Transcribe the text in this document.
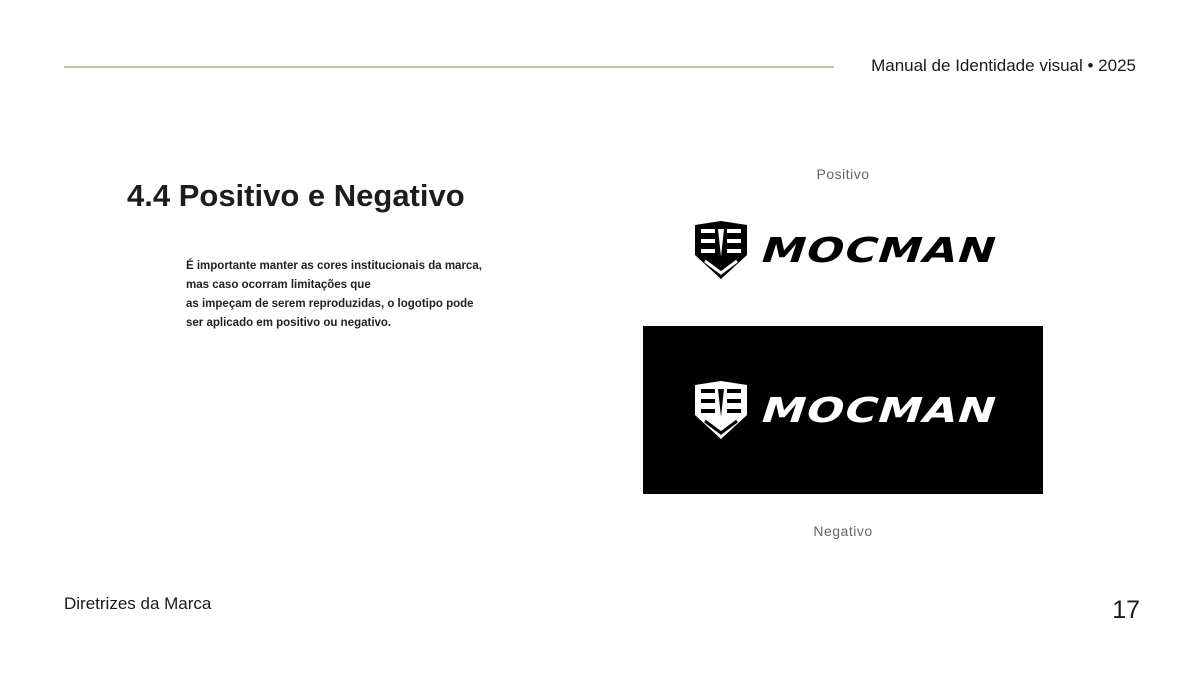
Manual de Identidade visual • 2025
4.4 Positivo e Negativo
É importante manter as cores institucionais da marca,
mas caso ocorram limitações que
as impeçam de serem reproduzidas, o logotipo pode
ser aplicado em positivo ou negativo.
Positivo
MOCMAN
MOCMAN
Negativo
Diretrizes da Marca	17
